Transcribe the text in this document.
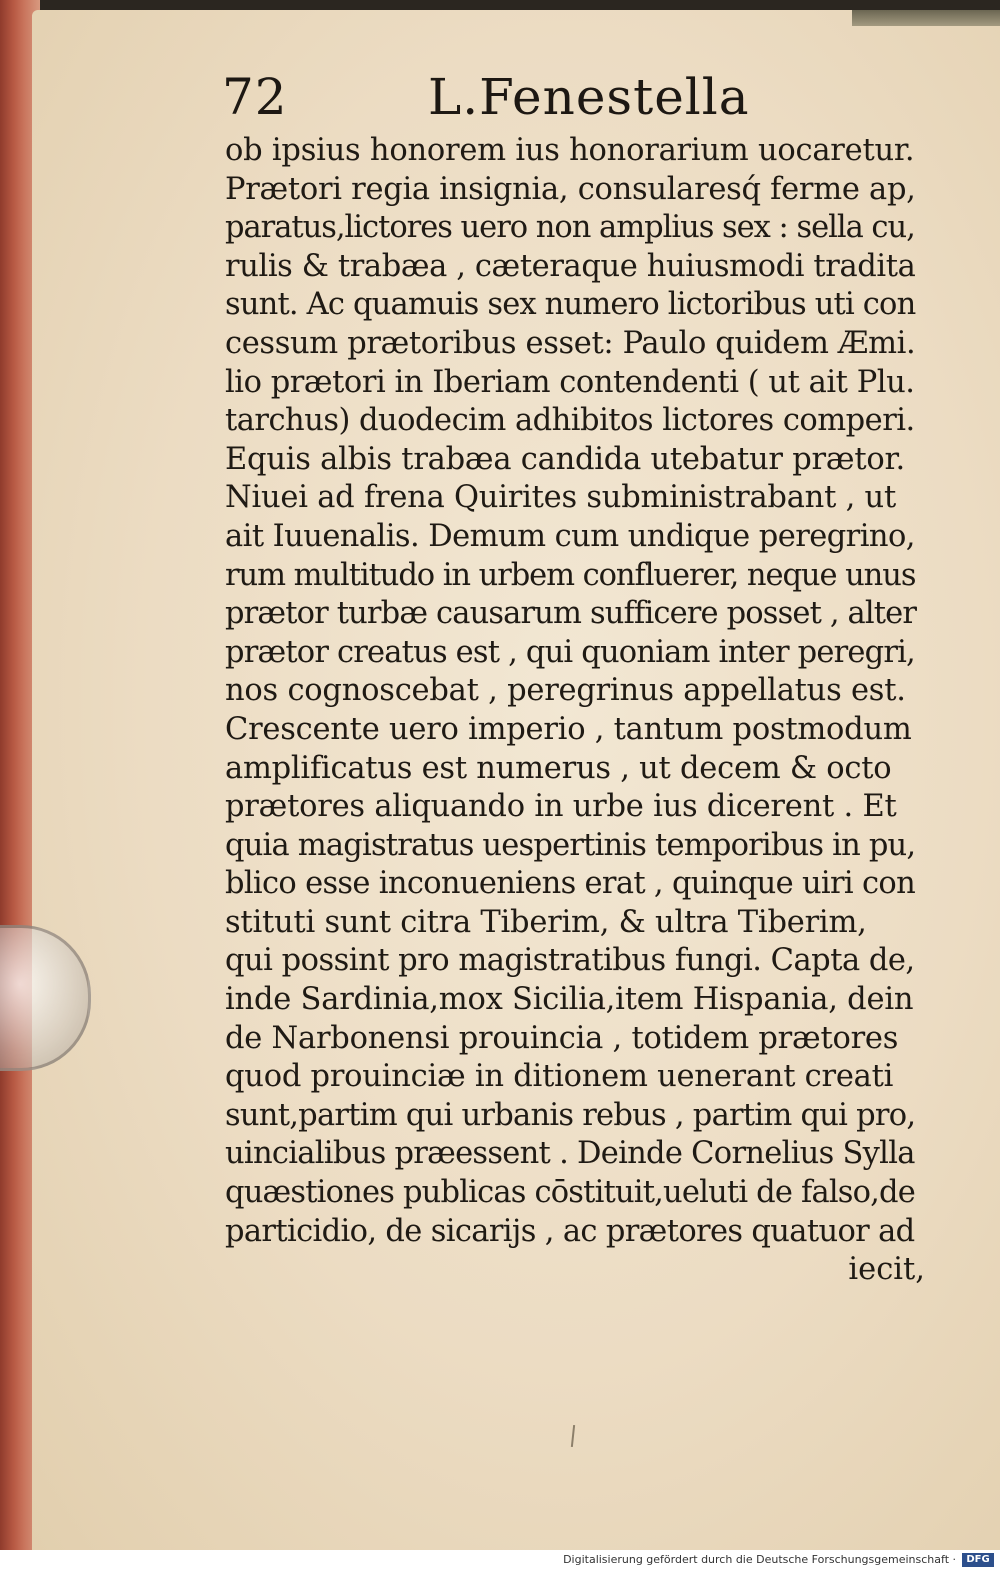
72	L.Fenestella
ob ipsius honorem ius honorarium uocaretur.
Prætori regia insignia, consularesq́ ferme ap,
paratus,lictores uero non amplius sex : sella cu,
rulis & trabæa , cæteraque huiusmodi tradita
sunt. Ac quamuis sex numero lictoribus uti con
cessum prætoribus esset: Paulo quidem Æmi.
lio prætori in Iberiam contendenti ( ut ait Plu.
tarchus) duodecim adhibitos lictores comperi.
Equis albis trabæa candida utebatur prætor.
Niuei ad frena Quirites subministrabant , ut
ait Iuuenalis. Demum cum undique peregrino,
rum multitudo in urbem confluerer, neque unus
prætor turbæ causarum sufficere posset , alter
prætor creatus est , qui quoniam inter peregri,
nos cognoscebat , peregrinus appellatus est.
Crescente uero imperio , tantum postmodum
amplificatus est numerus , ut decem & octo
prætores aliquando in urbe ius dicerent . Et
quia magistratus uespertinis temporibus in pu,
blico esse inconueniens erat , quinque uiri con
stituti sunt citra Tiberim, & ultra Tiberim,
qui possint pro magistratibus fungi. Capta de,
inde Sardinia,mox Sicilia,item Hispania, dein
de Narbonensi prouincia , totidem prætores
quod prouinciæ in ditionem uenerant creati
sunt,partim qui urbanis rebus , partim qui pro,
uincialibus præessent . Deinde Cornelius Sylla
quæstiones publicas cōstituit,ueluti de falso,de
particidio, de sicarijs , ac prætores quatuor ad
iecit,
Digitalisierung gefördert durch die Deutsche Forschungsgemeinschaft ·	DFG
